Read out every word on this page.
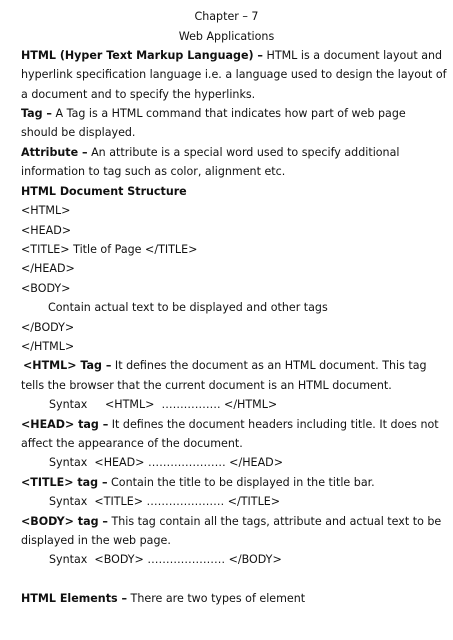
Chapter – 7
Web Applications
HTML (Hyper Text Markup Language) – HTML is a document layout and
hyperlink specification language i.e. a language used to design the layout of
a document and to specify the hyperlinks.
Tag – A Tag is a HTML command that indicates how part of web page
should be displayed.
Attribute – An attribute is a special word used to specify additional
information to tag such as color, alignment etc.
HTML Document Structure
<HTML>
<HEAD>
<TITLE> Title of Page </TITLE>
</HEAD>
<BODY>
Contain actual text to be displayed and other tags
</BODY>
</HTML>
<HTML> Tag – It defines the document as an HTML document. This tag
tells the browser that the current document is an HTML document.
Syntax     <HTML>  ……………. </HTML>
<HEAD> tag – It defines the document headers including title. It does not
affect the appearance of the document.
Syntax  <HEAD> ………………… </HEAD>
<TITLE> tag – Contain the title to be displayed in the title bar.
Syntax  <TITLE> ………………… </TITLE>
<BODY> tag – This tag contain all the tags, attribute and actual text to be
displayed in the web page.
Syntax  <BODY> ………………… </BODY>
HTML Elements – There are two types of element
